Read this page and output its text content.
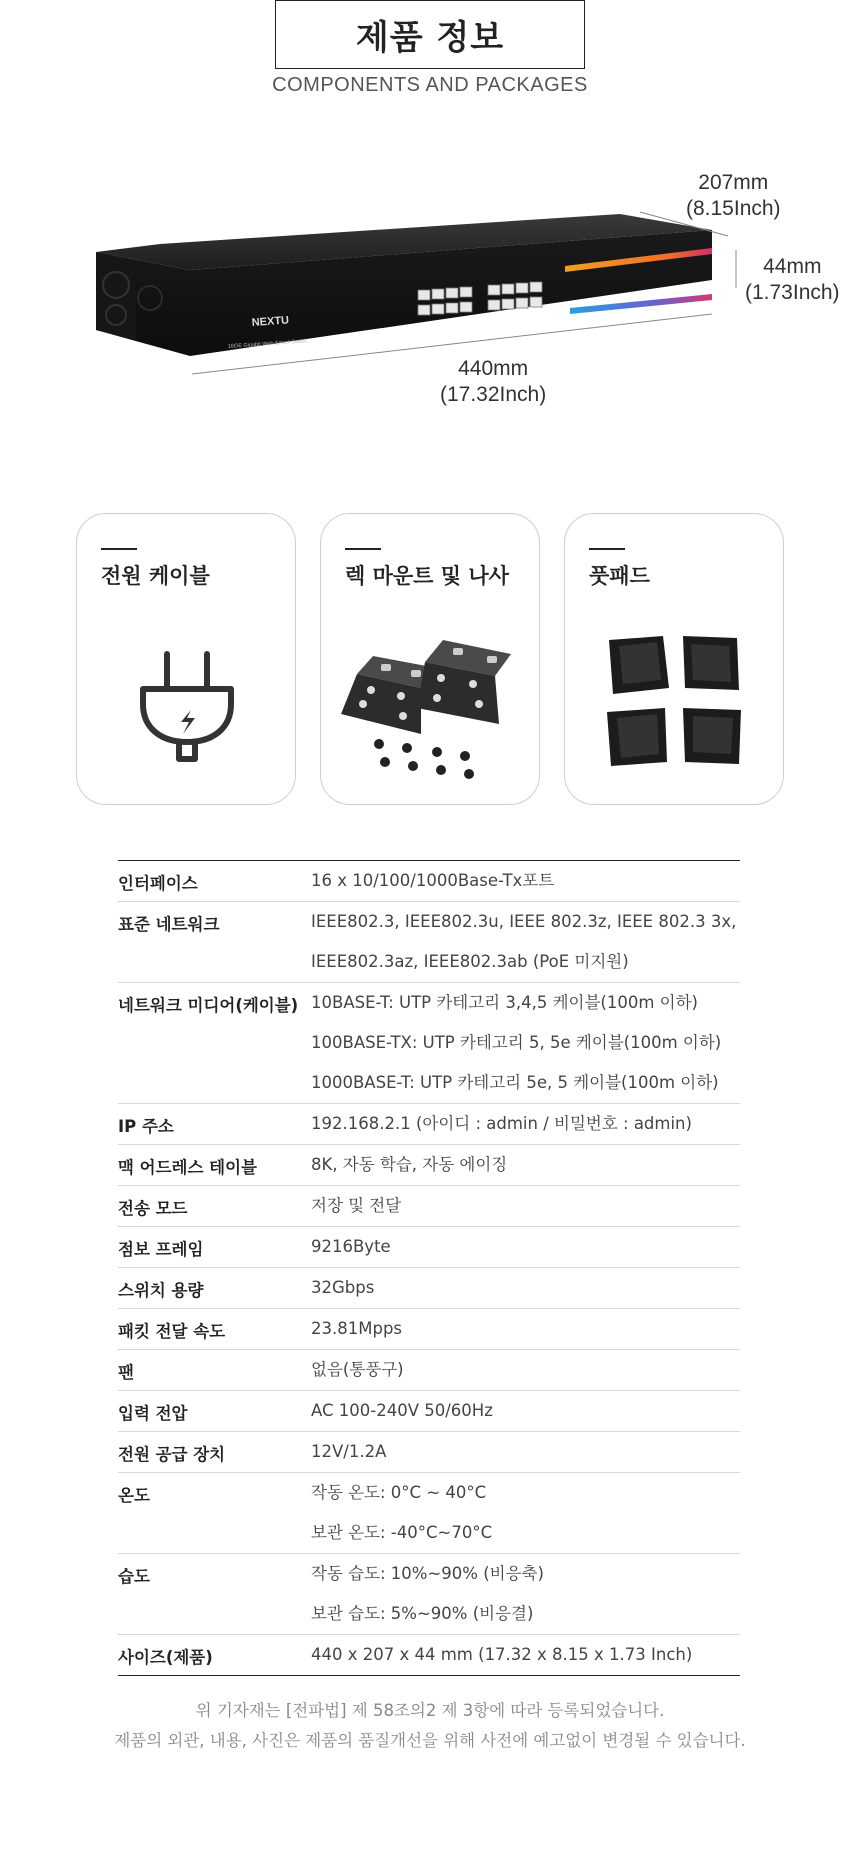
제품 정보
COMPONENTS AND PACKAGES
NEXTU
16GE Gigabit Web Smart Switch
207mm
(8.15Inch)
44mm
(1.73Inch)
440mm
(17.32Inch)
전원 케이블	렉 마운트 및 나사	풋패드
인터페이스	16 x 10/100/1000Base-Tx포트
표준 네트워크	IEEE802.3, IEEE802.3u, IEEE 802.3z, IEEE 802.3 3x,
IEEE802.3az, IEEE802.3ab (PoE 미지원)
네트워크 미디어(케이블) 10BASE-T: UTP 카테고리 3,4,5 케이블(100m 이하)
100BASE-TX: UTP 카테고리 5, 5e 케이블(100m 이하)
1000BASE-T: UTP 카테고리 5e, 5 케이블(100m 이하)
IP 주소	192.168.2.1 (아이디 : admin / 비밀번호 : admin)
맥 어드레스 테이블	8K, 자동 학습, 자동 에이징
전송 모드	저장 및 전달
점보 프레임	9216Byte
스위치 용량	32Gbps
패킷 전달 속도	23.81Mpps
팬	없음(통풍구)
입력 전압	AC 100-240V 50/60Hz
전원 공급 장치	12V/1.2A
온도	작동 온도: 0°C ~ 40°C
보관 온도: -40°C~70°C
습도	작동 습도: 10%~90% (비응축)
보관 습도: 5%~90% (비응결)
사이즈(제품)	440 x 207 x 44 mm (17.32 x 8.15 x 1.73 Inch)
위 기자재는 [전파법] 제 58조의2 제 3항에 따라 등록되었습니다.
제품의 외관, 내용, 사진은 제품의 품질개선을 위해 사전에 예고없이 변경될 수 있습니다.
